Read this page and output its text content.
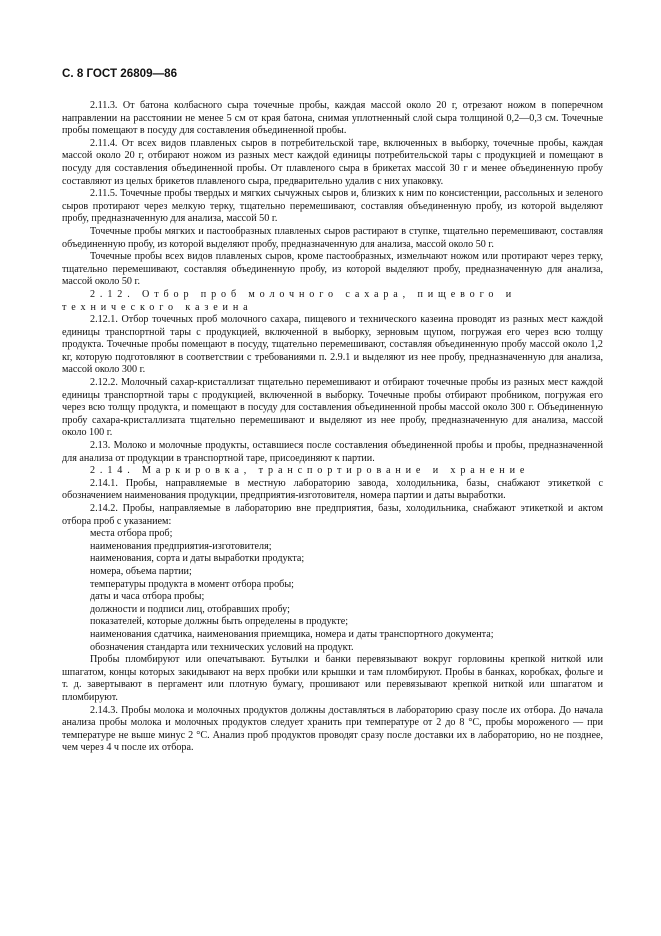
С. 8 ГОСТ 26809—86

2.11.3. От батона колбасного сыра точечные пробы, каждая массой около 20 г, отрезают ножом в поперечном направлении на расстоянии не менее 5 см от края батона, снимая уплотненный слой сыра толщиной 0,2—0,3 см. Точечные пробы помещают в посуду для составления объединенной пробы.

2.11.4. От всех видов плавленых сыров в потребительской таре, включенных в выборку, точечные пробы, каждая массой около 20 г, отбирают ножом из разных мест каждой единицы потребительской тары с продукцией и помещают в посуду для составления объединенной пробы. От плавленого сыра в брикетах массой 30 г и менее объединенную пробу составляют из целых брикетов плавленого сыра, предварительно удалив с них упаковку.

2.11.5. Точечные пробы твердых и мягких сычужных сыров и, близких к ним по консистенции, рассольных и зеленого сыров протирают через мелкую терку, тщательно перемешивают, составляя объединенную пробу, из которой выделяют пробу, предназначенную для анализа, массой 50 г.

Точечные пробы мягких и пастообразных плавленых сыров растирают в ступке, тщательно перемешивают, составляя объединенную пробу, из которой выделяют пробу, предназначенную для анализа, массой около 50 г.

Точечные пробы всех видов плавленых сыров, кроме пастообразных, измельчают ножом или протирают через терку, тщательно перемешивают, составляя объединенную пробу, из которой выделяют пробу, предназначенную для анализа, массой около 50 г.

2.12. Отбор проб молочного сахара, пищевого и технического казеина

2.12.1. Отбор точечных проб молочного сахара, пищевого и технического казеина проводят из разных мест каждой единицы транспортной тары с продукцией, включенной в выборку, зерновым щупом, погружая его через всю толщу продукта. Точечные пробы помещают в посуду, тщательно перемешивают, составляя объединенную пробу массой около 1,2 кг, которую подготовляют в соответствии с требованиями п. 2.9.1 и выделяют из нее пробу, предназначенную для анализа, массой около 300 г.

2.12.2. Молочный сахар-кристаллизат тщательно перемешивают и отбирают точечные пробы из разных мест каждой единицы транспортной тары с продукцией, включенной в выборку. Точечные пробы отбирают пробником, погружая его через всю толщу продукта, и помещают в посуду для составления объединенной пробы массой около 300 г. Объединенную пробу сахара-кристаллизата тщательно перемешивают и выделяют из нее пробу, предназначенную для анализа, массой около 100 г.

2.13. Молоко и молочные продукты, оставшиеся после составления объединенной пробы и пробы, предназначенной для анализа от продукции в транспортной таре, присоединяют к партии.

2.14. Маркировка, транспортирование и хранение

2.14.1. Пробы, направляемые в местную лабораторию завода, холодильника, базы, снабжают этикеткой с обозначением наименования продукции, предприятия-изготовителя, номера партии и даты выработки.

2.14.2. Пробы, направляемые в лабораторию вне предприятия, базы, холодильника, снабжают этикеткой и актом отбора проб с указанием:

места отбора проб;

наименования предприятия-изготовителя;

наименования, сорта и даты выработки продукта;

номера, объема партии;

температуры продукта в момент отбора пробы;

даты и часа отбора пробы;

должности и подписи лиц, отобравших пробу;

показателей, которые должны быть определены в продукте;

наименования сдатчика, наименования приемщика, номера и даты транспортного документа;

обозначения стандарта или технических условий на продукт.

Пробы пломбируют или опечатывают. Бутылки и банки перевязывают вокруг горловины крепкой ниткой или шпагатом, концы которых закидывают на верх пробки или крышки и там пломбируют. Пробы в банках, коробках, фольге и т. д. завертывают в пергамент или плотную бумагу, прошивают или перевязывают крепкой ниткой или шпагатом и пломбируют.

2.14.3. Пробы молока и молочных продуктов должны доставляться в лабораторию сразу после их отбора. До начала анализа пробы молока и молочных продуктов следует хранить при температуре от 2 до 8 °С, пробы мороженого — при температуре не выше минус 2 °С. Анализ проб продуктов проводят сразу после доставки их в лабораторию, но не позднее, чем через 4 ч после их отбора.
